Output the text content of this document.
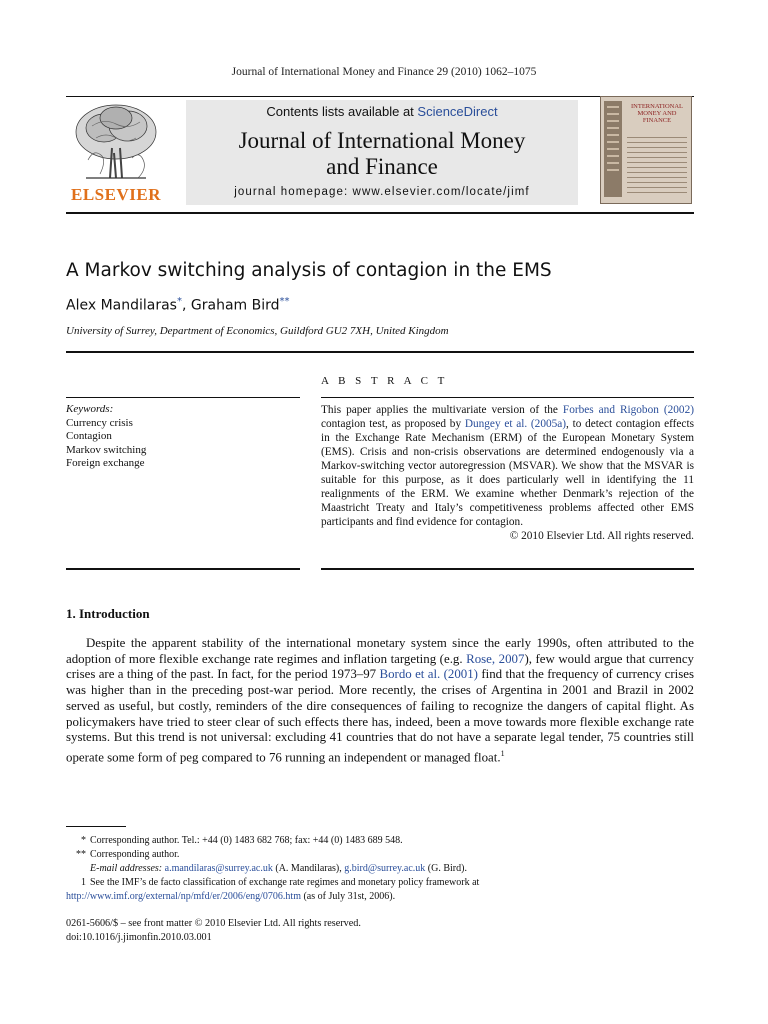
Journal of International Money and Finance 29 (2010) 1062–1075
ELSEVIER
Contents lists available at ScienceDirect
Journal of International Money
and Finance
journal homepage: www.elsevier.com/locate/jimf
INTERNATIONAL MONEY AND FINANCE
A Markov switching analysis of contagion in the EMS
Alex Mandilaras*, Graham Bird**
University of Surrey, Department of Economics, Guildford GU2 7XH, United Kingdom
A B S T R A C T
Keywords:
Currency crisis
Contagion
Markov switching
Foreign exchange
This paper applies the multivariate version of the Forbes and Rigobon (2002) contagion test, as proposed by Dungey et al. (2005a), to detect contagion effects in the Exchange Rate Mechanism (ERM) of the European Monetary System (EMS). Crisis and non-crisis observations are determined endogenously via a Markov-switching vector autoregression (MSVAR). We show that the MSVAR is suitable for this purpose, as it does particularly well in identifying the 11 realignments of the ERM. We examine whether Denmark’s rejection of the Maastricht Treaty and Italy’s competitiveness problems affected other EMS participants and find evidence for contagion.
© 2010 Elsevier Ltd. All rights reserved.
1. Introduction
Despite the apparent stability of the international monetary system since the early 1990s, often attributed to the adoption of more flexible exchange rate regimes and inflation targeting (e.g. Rose, 2007), few would argue that currency crises are a thing of the past. In fact, for the period 1973–97 Bordo et al. (2001) find that the frequency of currency crises was higher than in the preceding post-war period. More recently, the crises of Argentina in 2001 and Brazil in 2002 served as useful, but costly, reminders of the dire consequences of failing to recognize the dangers of capital flight. As policymakers have tried to steer clear of such effects there has, indeed, been a move towards more flexible exchange rate systems. But this trend is not universal: excluding 41 countries that do not have a separate legal tender, 75 countries still operate some form of peg compared to 76 running an independent or managed float.$^1$
* Corresponding author. Tel.: +44 (0) 1483 682 768; fax: +44 (0) 1483 689 548.
** Corresponding author.
E-mail addresses: a.mandilaras@surrey.ac.uk (A. Mandilaras), g.bird@surrey.ac.uk (G. Bird).
1 See the IMF’s de facto classification of exchange rate regimes and monetary policy framework at http://www.imf.org/external/np/mfd/er/2006/eng/0706.htm (as of July 31st, 2006).
0261-5606/$ – see front matter © 2010 Elsevier Ltd. All rights reserved.
doi:10.1016/j.jimonfin.2010.03.001
